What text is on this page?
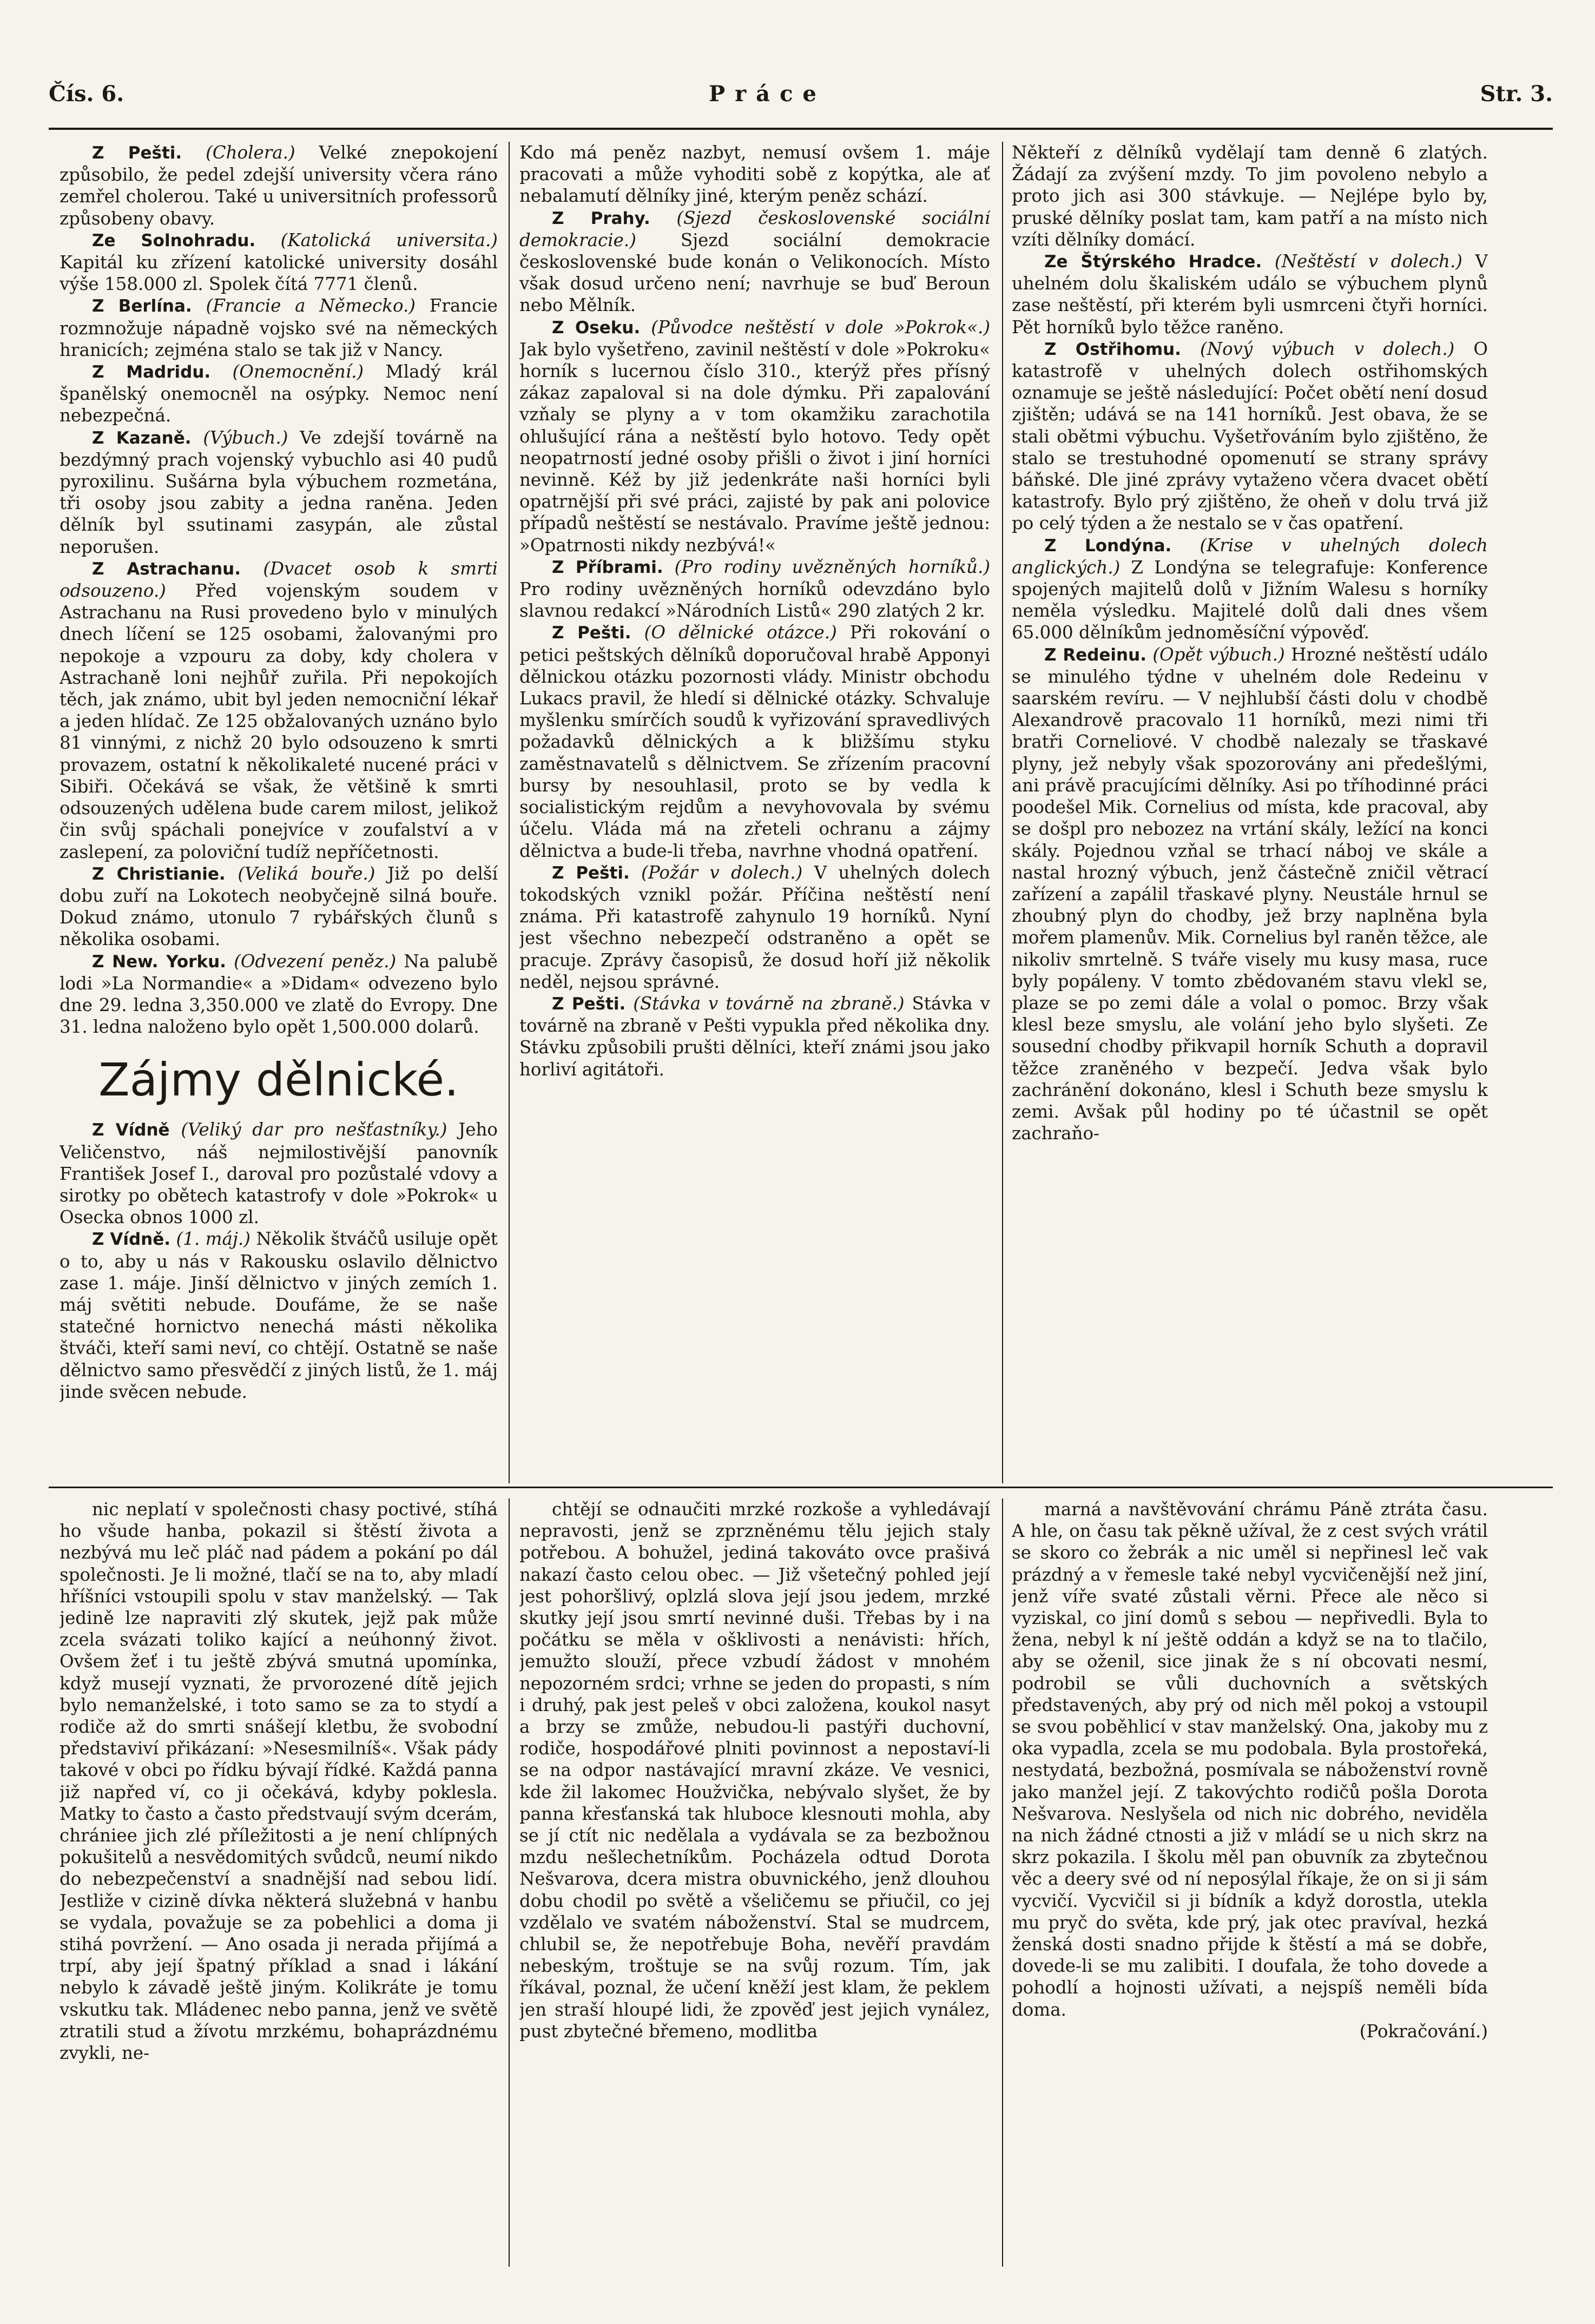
Čís. 6.	Práce	Str. 3.

Z Pešti. (Cholera.) Velké znepokojení způsobilo, že pedel zdejší university včera ráno zemřel cholerou. Také u universitních professorů způsobeny obavy.

Ze Solnohradu. (Katolická universita.) Kapitál ku zřízení katolické university dosáhl výše 158.000 zl. Spolek čítá 7771 členů.

Z Berlína. (Francie a Německo.) Francie rozmnožuje nápadně vojsko své na německých hranicích; zejména stalo se tak již v Nancy.

Z Madridu. (Onemocnění.) Mladý král španělský onemocněl na osýpky. Nemoc není nebezpečná.

Z Kazaně. (Výbuch.) Ve zdejší továrně na bezdýmný prach vojenský vybuchlo asi 40 pudů pyroxilinu. Sušárna byla výbuchem rozmetána, tři osoby jsou zabity a jedna raněna. Jeden dělník byl ssutinami zasypán, ale zůstal neporušen.

Z Astrachanu. (Dvacet osob k smrti odsouzeno.) Před vojenským soudem v Astrachanu na Rusi provedeno bylo v minulých dnech líčení se 125 osobami, žalovanými pro nepokoje a vzpouru za doby, kdy cholera v Astrachaně loni nejhůř zuřila. Při nepokojích těch, jak známo, ubit byl jeden nemocniční lékař a jeden hlídač. Ze 125 obžalovaných uznáno bylo 81 vinnými, z nichž 20 bylo odsouzeno k smrti provazem, ostatní k několikaleté nucené práci v Sibiři. Očekává se však, že většině k smrti odsouzených udělena bude carem milost, jelikož čin svůj spáchali ponejvíce v zoufalství a v zaslepení, za poloviční tudíž nepříčetnosti.

Z Christianie. (Veliká bouře.) Již po delší dobu zuří na Lokotech neobyčejně silná bouře. Dokud známo, utonulo 7 rybářských člunů s několika osobami.

Z New. Yorku. (Odvezení peněz.) Na palubě lodi »La Normandie« a »Didam« odvezeno bylo dne 29. ledna 3,350.000 ve zlatě do Evropy. Dne 31. ledna naloženo bylo opět 1,500.000 dolarů.

Zájmy dělnické.

Z Vídně (Veliký dar pro nešťastníky.) Jeho Veličenstvo, náš nejmilostivější panovník František Josef I., daroval pro pozůstalé vdovy a sirotky po obětech katastrofy v dole »Pokrok« u Osecka obnos 1000 zl.

Z Vídně. (1. máj.) Několik štváčů usiluje opět o to, aby u nás v Rakousku oslavilo dělnictvo zase 1. máje. Jinší dělnictvo v jiných zemích 1. máj světiti nebude. Doufáme, že se naše statečné hornictvo nenechá másti několika štváči, kteří sami neví, co chtějí. Ostatně se naše dělnictvo samo přesvědčí z jiných listů, že 1. máj jinde svěcen nebude.

Kdo má peněz nazbyt, nemusí ovšem 1. máje pracovati a může vyhoditi sobě z kopýtka, ale ať nebalamutí dělníky jiné, kterým peněz schází.

Z Prahy. (Sjezd československé sociální demokracie.)	Sjezd sociální demokracie československé bude konán o Velikonocích. Místo však dosud určeno není; navrhuje se buď Beroun nebo Mělník.

Z Oseku. (Původce neštěstí v dole »Pokrok«.) Jak bylo vyšetřeno, zavinil neštěstí v dole »Pokroku« horník s lucernou číslo 310., kterýž přes přísný zákaz zapaloval si na dole dýmku. Při zapalování vzňaly se plyny a v tom okamžiku zarachotila ohlušující rána a neštěstí bylo hotovo. Tedy opět neopatrností jedné osoby přišli o život i jiní horníci nevinně. Kéž by již jedenkráte naši horníci byli opatrnější při své práci, zajisté by pak ani polovice případů neštěstí se nestávalo. Pravíme ještě jednou: »Opatrnosti nikdy nezbývá!«

Z Příbrami. (Pro rodiny uvězněných horníků.) Pro rodiny uvězněných horníků odevzdáno bylo slavnou redakcí »Národních Listů« 290 zlatých 2 kr.

Z Pešti. (O dělnické otázce.) Při rokování o petici peštských dělníků doporučoval hrabě Apponyi dělnickou otázku pozornosti vlády. Ministr obchodu Lukacs pravil, že hledí si dělnické otázky. Schvaluje myšlenku smírčích soudů k vyřizování spravedlivých požadavků dělnických a k bližšímu styku zaměstnavatelů s dělnictvem. Se zřízením pracovní bursy by nesouhlasil, proto se by vedla k socialistickým rejdům a nevyhovovala by svému účelu. Vláda má na zřeteli ochranu a zájmy dělnictva a bude-li třeba, navrhne vhodná opatření.

Z Pešti. (Požár v dolech.) V uhelných dolech tokodských vznikl požár. Příčina neštěstí není známa. Při katastrofě zahynulo 19 horníků. Nyní jest všechno nebezpečí odstraněno a opět se pracuje. Zprávy časopisů, že dosud hoří již několik neděl, nejsou správné.

Z Pešti. (Stávka v továrně na zbraně.) Stávka v továrně na zbraně v Pešti vypukla před několika dny. Stávku způsobili prušti dělníci, kteří známi jsou jako horliví agitátoři.

Někteří z dělníků vydělají tam denně 6 zlatých. Žádají za zvýšení mzdy. To jim povoleno nebylo a proto jich asi 300 stávkuje. — Nejlépe bylo by, pruské dělníky poslat tam, kam patří a na místo nich vzíti dělníky domácí.

Ze Štýrského Hradce. (Neštěstí v dolech.) V uhelném dolu škaliském událo se výbuchem plynů zase neštěstí, při kterém byli usmrceni čtyři horníci. Pět horníků bylo těžce raněno.

Z Ostřihomu. (Nový výbuch v dolech.) O katastrofě v uhelných dolech ostřihomských oznamuje se ještě následující: Počet obětí není dosud zjištěn; udává se na 141 horníků. Jest obava, že se stali obětmi výbuchu. Vyšetřováním bylo zjištěno, že stalo se trestuhodné opomenutí se strany správy báňské. Dle jiné zprávy vytaženo včera dvacet obětí katastrofy. Bylo prý zjištěno, že oheň v dolu trvá již po celý týden a že nestalo se v čas opatření.

Z Londýna. (Krise v uhelných dolech anglických.) Z Londýna se telegrafuje: Konference spojených majitelů dolů v Jižním Walesu s horníky neměla výsledku. Majitelé dolů dali dnes všem 65.000 dělníkům jednoměsíční výpověď.

Z Redeinu. (Opět výbuch.) Hrozné neštěstí událo se minulého týdne v uhelném dole Redeinu v saarském revíru. — V nejhlubší části dolu v chodbě Alexandrově pracovalo 11 horníků, mezi nimi tři bratři Corneliové. V chodbě nalezaly se třaskavé plyny, jež nebyly však spozorovány ani předešlými, ani právě pracujícími dělníky. Asi po tříhodinné práci poodešel Mik. Cornelius od místa, kde pracoval, aby se došpl pro nebozez na vrtání skály, ležící na konci skály. Pojednou vzňal se trhací náboj ve skále a nastal hrozný výbuch, jenž částečně zničil větrací zařízení a zapálil třaskavé plyny. Neustále hrnul se zhoubný plyn do chodby, jež brzy naplněna byla mořem plamenův. Mik. Cornelius byl raněn těžce, ale nikoliv smrtelně. S tváře visely mu kusy masa, ruce byly popáleny. V tomto zbědovaném stavu vlekl se, plaze se po zemi dále a volal o pomoc. Brzy však klesl beze smyslu, ale volání jeho bylo slyšeti. Ze sousední chodby přikvapil horník Schuth a dopravil těžce zraněného v bezpečí. Jedva však bylo zachránění dokonáno, klesl i Schuth beze smyslu k zemi. Avšak půl hodiny po té účastnil se opět zachraňo-

nic neplatí v společnosti chasy poctivé, stíhá ho všude hanba, pokazil si štěstí života a nezbývá mu leč pláč nad pádem a pokání po dál společnosti. Je li možné, tlačí se na to, aby mladí hříšníci vstoupili spolu v stav manželský. — Tak jedině lze napraviti zlý skutek, jejž pak může zcela svázati toliko kající a neúhonný život. Ovšem žeť i tu ještě zbývá smutná upomínka, když musejí vyznati, že prvorozené dítě jejich bylo nemanželské, i toto samo se za to stydí a rodiče až do smrti snášejí kletbu, že svobodní představiví přikázaní: »Nesesmilníš«. Však pády takové v obci po řídku bývají řídké. Každá panna již napřed ví, co ji očekává, kdyby poklesla. Matky to často a často předstvaují svým dcerám, chrániee jich zlé příležitosti a je není chlípných pokušitelů a nesvědomitých svůdců, neumí nikdo do nebezpečenství a snadnější nad sebou lidí. Jestliže v cizině dívka některá služebná v hanbu se vydala, považuje se za pobehlici a doma ji stihá povržení. — Ano osada ji nerada přijímá a trpí, aby její špatný příklad a snad i lákání nebylo k závadě ještě jiným. Kolikráte je tomu vskutku tak. Mládenec nebo panna, jenž ve světě ztratili stud a žívotu mrzkému, bohaprázdnému zvykli, ne-

chtějí se odnaučiti mrzké rozkoše a vyhledávají nepravosti, jenž se zprzněnému tělu jejich staly potřebou. A bohužel, jediná takováto ovce prašivá nakazí často celou obec. — Již všetečný pohled její jest pohoršlivý, oplzlá slova její jsou jedem, mrzké skutky její jsou smrtí nevinné duši. Třebas by i na počátku se měla v ošklivosti a nenávisti: hřích, jemužto slouží, přece vzbudí žádost v mnohém nepozorném srdci; vrhne se jeden do propasti, s ním i druhý, pak jest peleš v obci založena, koukol nasyt a brzy se zmůže, nebudou-li pastýři duchovní, rodiče, hospodářové plniti povinnost a nepostaví-li se na odpor nastávající mravní zkáze. Ve vesnici, kde žil lakomec Houžvička, nebývalo slyšet, že by panna křesťanská tak hluboce klesnouti mohla, aby se jí ctít nic nedělala a vydávala se za bezbožnou mzdu nešlechetníkům. Pocházela odtud Dorota Nešvarova, dcera mistra obuvnického, jenž dlouhou dobu chodil po světě a všeličemu se přiučil, co jej vzdělalo ve svatém náboženství. Stal se mudrcem, chlubil se, že nepotřebuje Boha, nevěří pravdám nebeským, troštuje se na svůj rozum. Tím, jak říkával, poznal, že učení kněží jest klam, že peklem jen straší hloupé lidi, že zpověď jest jejich vynález, pust zbytečné břemeno, modlitba

marná a navštěvování chrámu Páně ztráta času. A hle, on času tak pěkně užíval, že z cest svých vrátil se skoro co žebrák a nic uměl si nepřinesl leč vak prázdný a v řemesle také nebyl vycvičenější než jiní, jenž víře svaté zůstali věrni. Přece ale něco si vyziskal, co jiní domů s sebou — nepřivedli. Byla to žena, nebyl k ní ještě oddán a když se na to tlačilo, aby se oženil, sice jinak že s ní obcovati nesmí, podrobil se vůli duchovních a světských představených, aby prý od nich měl pokoj a vstoupil se svou poběhlicí v stav manželský. Ona, jakoby mu z oka vypadla, zcela se mu podobala. Byla prostořeká, nestydatá, bezbožná, posmívala se náboženství rovně jako manžel její. Z takovýchto rodičů pošla Dorota Nešvarova. Neslyšela od nich nic dobrého, neviděla na nich žádné ctnosti a již v mládí se u nich skrz na skrz pokazila. I školu měl pan obuvník za zbytečnou věc a deery své od ní neposýlal říkaje, že on si ji sám vycvičí. Vycvičil si ji bídník a když dorostla, utekla mu pryč do světa, kde prý, jak otec pravíval, hezká ženská dosti snadno přijde k štěstí a má se dobře, dovede-li se mu zalibiti. I doufala, že toho dovede a pohodlí a hojnosti užívati, a nejspíš neměli bída doma.

(Pokračování.)
